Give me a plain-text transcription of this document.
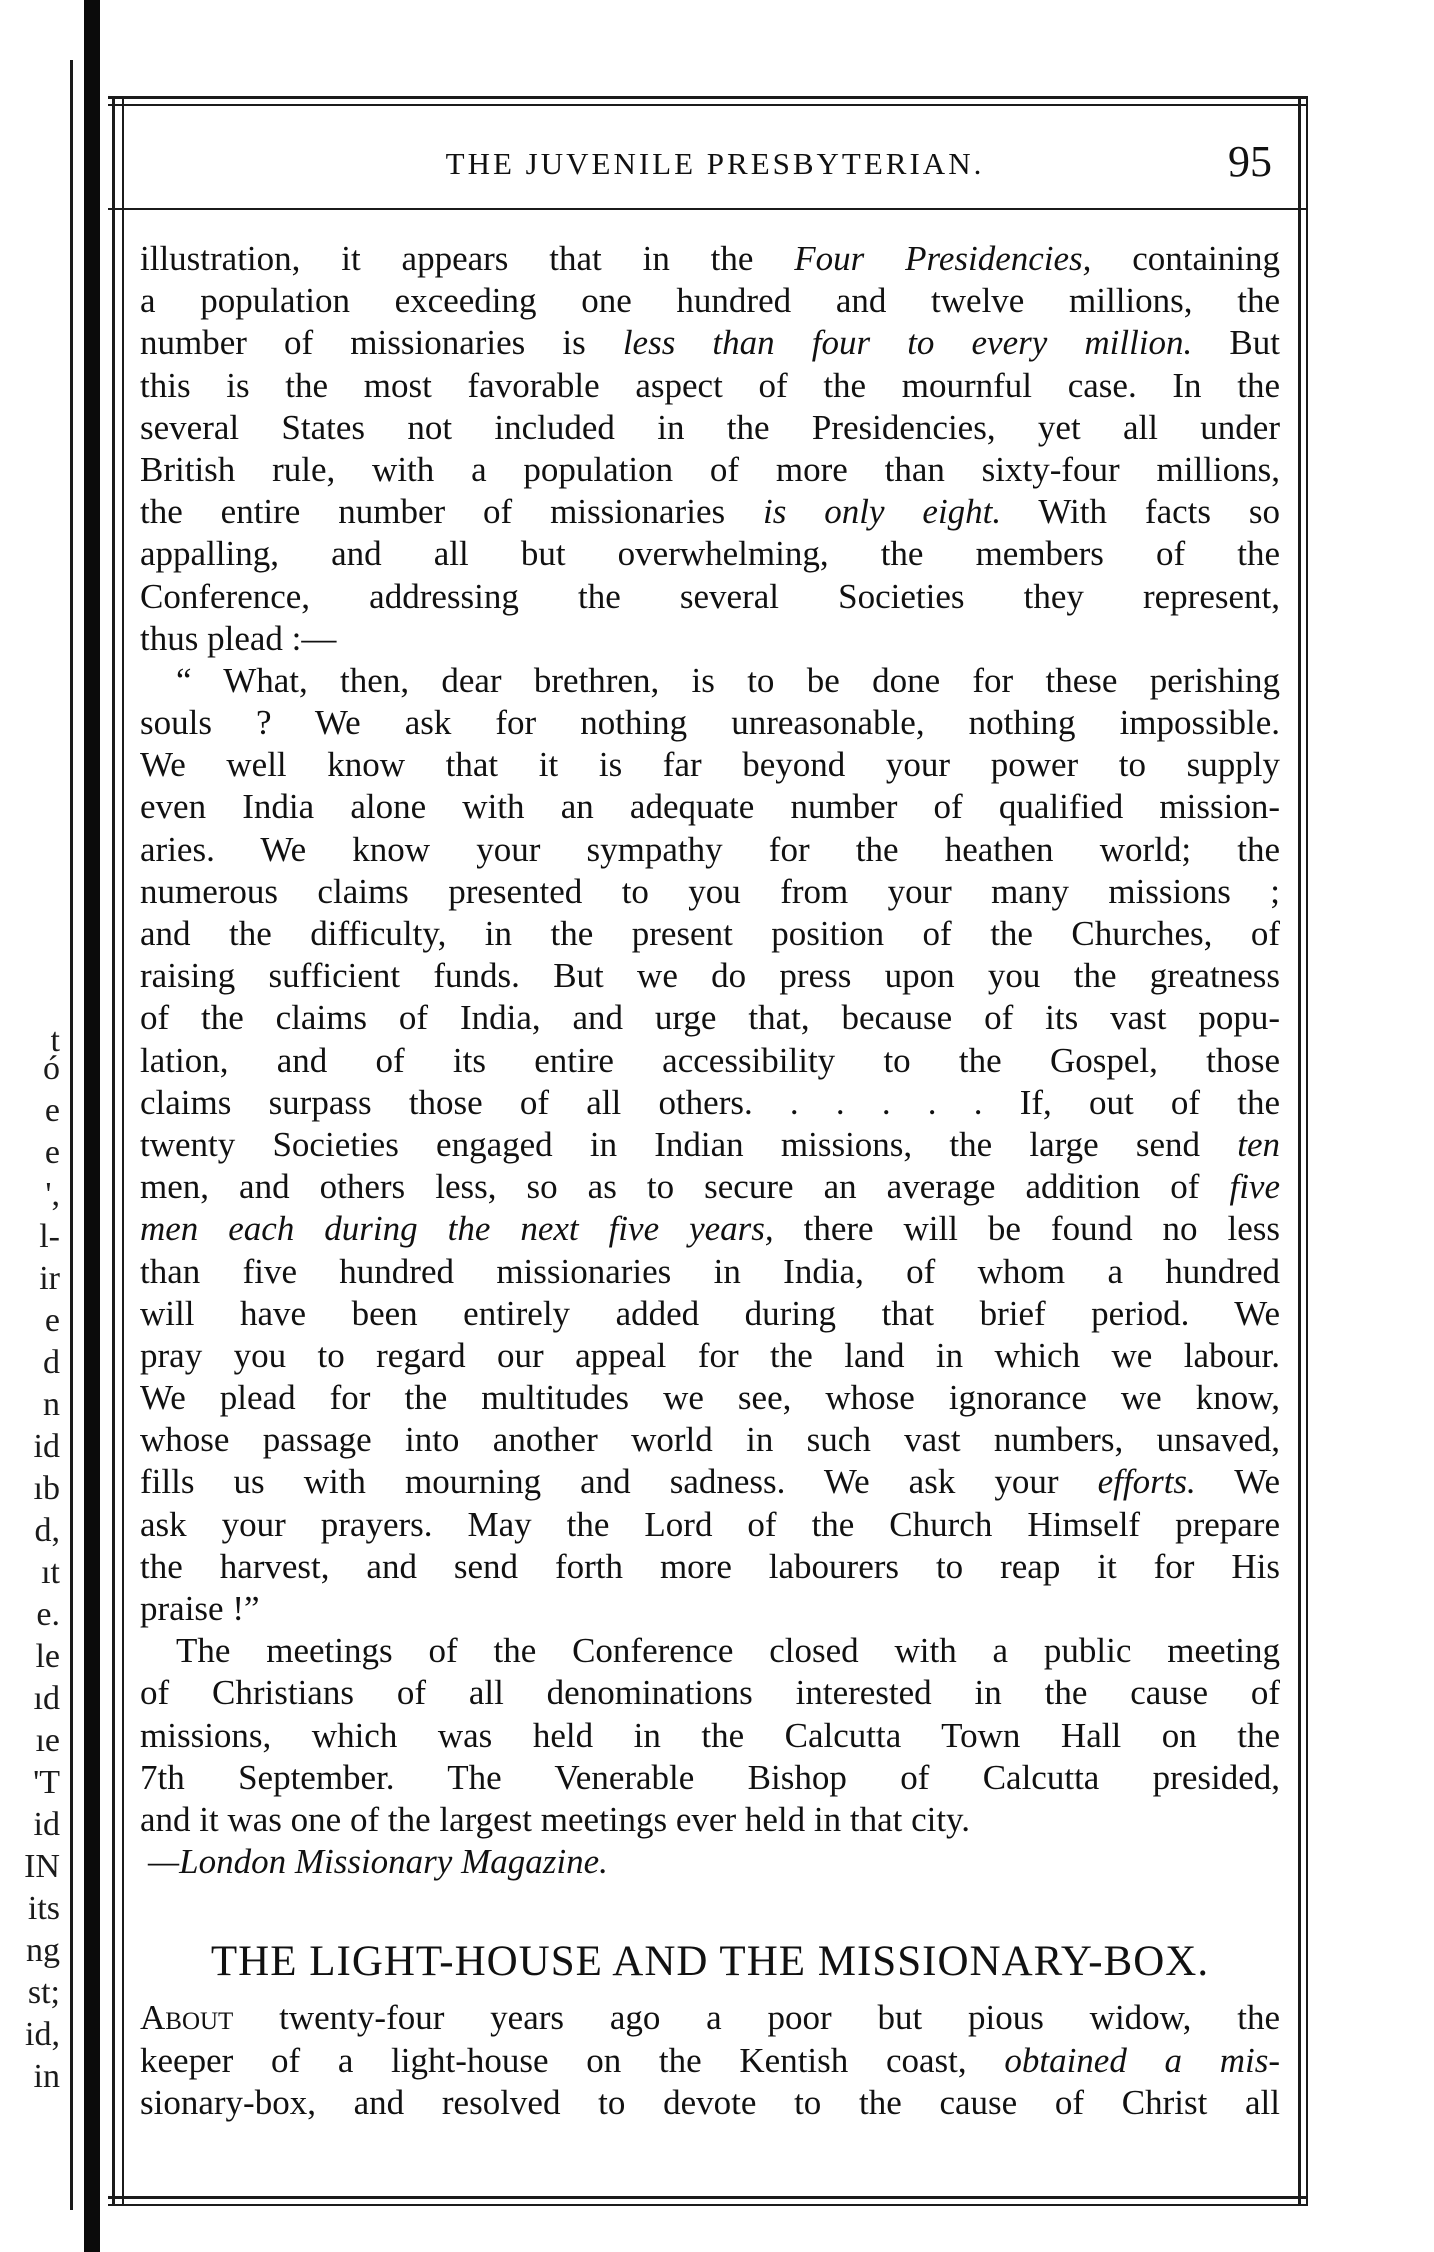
t
ó
e
e
',
l-
ir
e
d
n
id
ıb
d,
ıt
e.
le
ıd
ıe
'T
id
IN
its
ng
st;
id,
in
THE JUVENILE PRESBYTERIAN.	95
illustration, it appears that in the Four Presidencies, containing
a population exceeding one hundred and twelve millions, the
number of missionaries is less than four to every million. But
this is the most favorable aspect of the mournful case. In the
several States not included in the Presidencies, yet all under
British rule, with a population of more than sixty-four millions,
the entire number of missionaries is only eight. With facts so
appalling, and all but overwhelming, the members of the
Conference, addressing the several Societies they represent,
thus plead :—
“ What, then, dear brethren, is to be done for these perishing
souls ? We ask for nothing unreasonable, nothing impossible.
We well know that it is far beyond your power to supply
even India alone with an adequate number of qualified mission-
aries. We know your sympathy for the heathen world; the
numerous claims presented to you from your many missions ;
and the difficulty, in the present position of the Churches, of
raising sufficient funds. But we do press upon you the greatness
of the claims of India, and urge that, because of its vast popu-
lation, and of its entire accessibility to the Gospel, those
claims surpass those of all others. . . . . . If, out of the
twenty Societies engaged in Indian missions, the large send ten
men, and others less, so as to secure an average addition of five
men each during the next five years, there will be found no less
than five hundred missionaries in India, of whom a hundred
will have been entirely added during that brief period. We
pray you to regard our appeal for the land in which we labour.
We plead for the multitudes we see, whose ignorance we know,
whose passage into another world in such vast numbers, unsaved,
fills us with mourning and sadness. We ask your efforts. We
ask your prayers. May the Lord of the Church Himself prepare
the harvest, and send forth more labourers to reap it for His
praise !”
The meetings of the Conference closed with a public meeting
of Christians of all denominations interested in the cause of
missions, which was held in the Calcutta Town Hall on the
7th September. The Venerable Bishop of Calcutta presided,
and it was one of the largest meetings ever held in that city.
—London Missionary Magazine.
THE LIGHT-HOUSE AND THE MISSIONARY-BOX.
About twenty-four years ago a poor but pious widow, the
keeper of a light-house on the Kentish coast, obtained a mis-
sionary-box, and resolved to devote to the cause of Christ all
